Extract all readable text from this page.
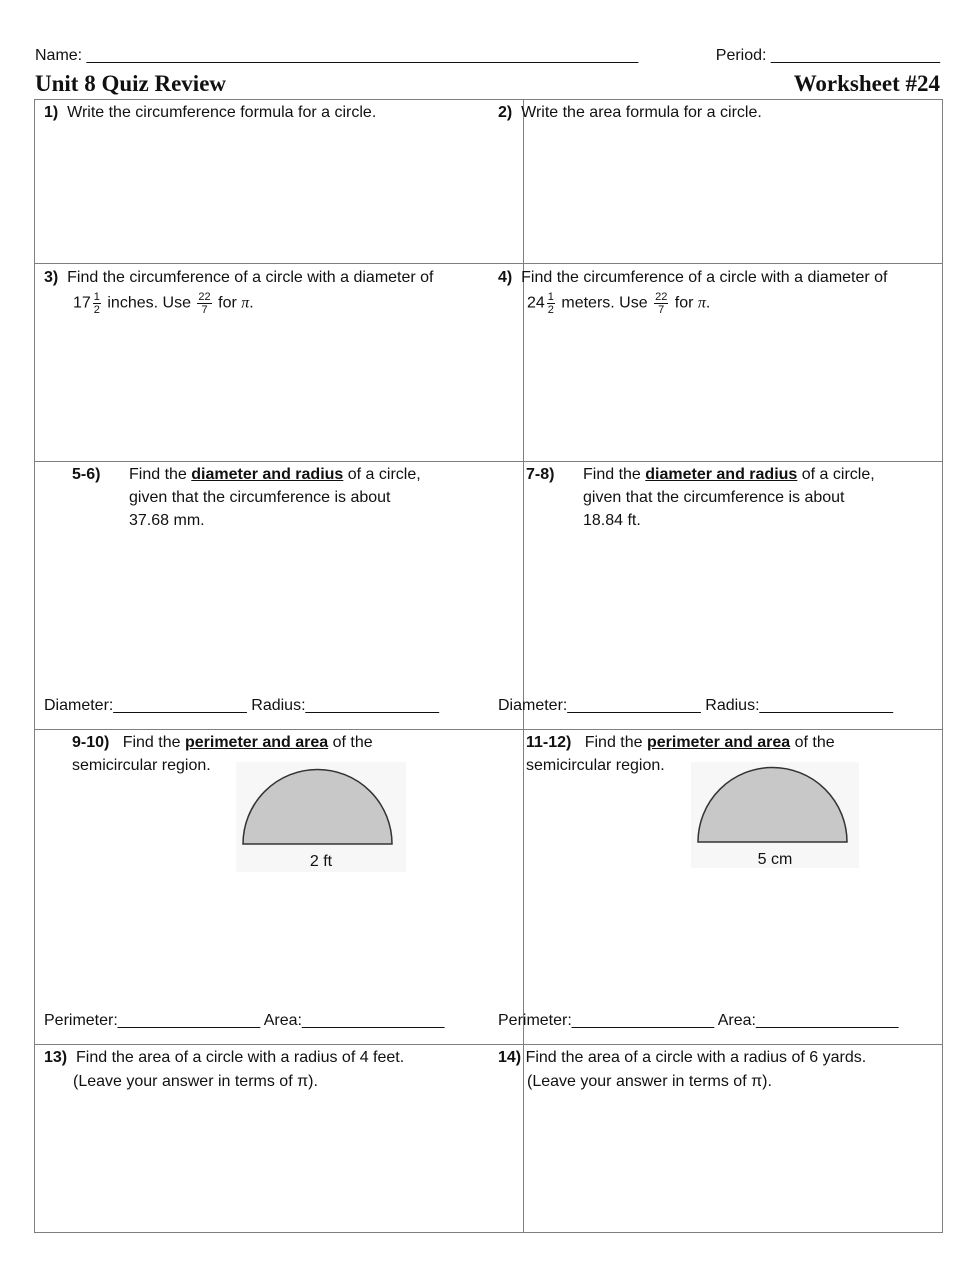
Name: ______________________________________________________________	Period: ___________________
Unit 8 Quiz Review	Worksheet #24
1) Write the circumference formula for a circle.	2) Write the area formula for a circle.
3) Find the circumference of a circle with a diameter of
$17 \frac{1}{2}$ inches. Use $\frac{22}{7}$ for π.
4) Find the circumference of a circle with a diameter of
$24 \frac{1}{2}$ meters. Use $\frac{22}{7}$ for π.
5-6) Find the diameter and radius of a circle,
given that the circumference is about
37.68 mm.
Diameter:_______________ Radius:_______________
7-8) Find the diameter and radius of a circle,
given that the circumference is about
18.84 ft.
Diameter:_______________ Radius:_______________
9-10) Find the perimeter and area of the
semicircular region.
2 ft
Perimeter:________________ Area:________________
11-12) Find the perimeter and area of the
semicircular region.
5 cm
Perimeter:________________ Area:________________
13) Find the area of a circle with a radius of 4 feet.
(Leave your answer in terms of π).
14) Find the area of a circle with a radius of 6 yards.
(Leave your answer in terms of π).
